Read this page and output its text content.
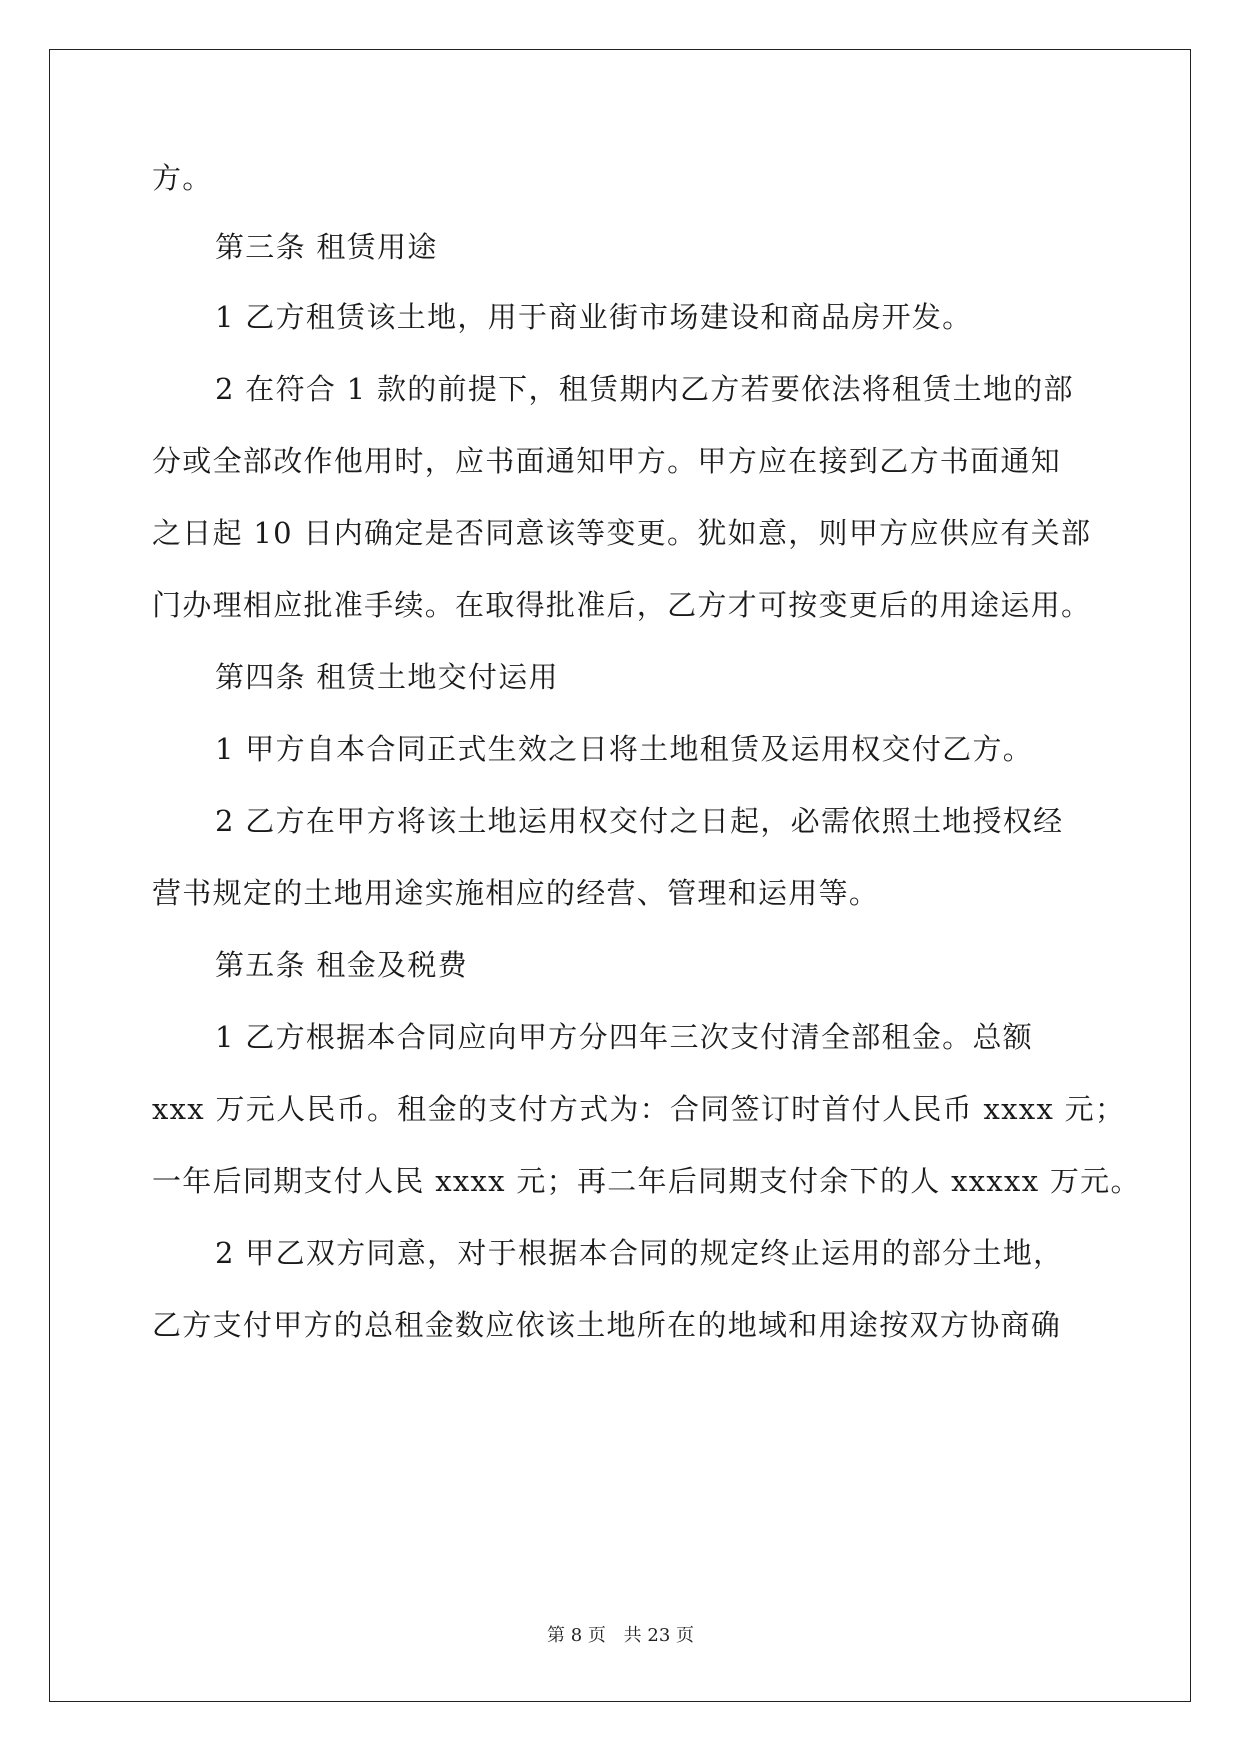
方。
第三条 租赁用途
1 乙方租赁该土地，用于商业街市场建设和商品房开发。
2 在符合 1 款的前提下，租赁期内乙方若要依法将租赁土地的部
分或全部改作他用时，应书面通知甲方。甲方应在接到乙方书面通知
之日起 10 日内确定是否同意该等变更。犹如意，则甲方应供应有关部
门办理相应批准手续。在取得批准后，乙方才可按变更后的用途运用。
第四条 租赁土地交付运用
1 甲方自本合同正式生效之日将土地租赁及运用权交付乙方。
2 乙方在甲方将该土地运用权交付之日起，必需依照土地授权经
营书规定的土地用途实施相应的经营、管理和运用等。
第五条 租金及税费
1 乙方根据本合同应向甲方分四年三次支付清全部租金。总额
xxx 万元人民币。租金的支付方式为：合同签订时首付人民币 xxxx 元；
一年后同期支付人民 xxxx 元；再二年后同期支付余下的人 xxxxx 万元。
2 甲乙双方同意，对于根据本合同的规定终止运用的部分土地，
乙方支付甲方的总租金数应依该土地所在的地域和用途按双方协商确
第 8 页 共 23 页
